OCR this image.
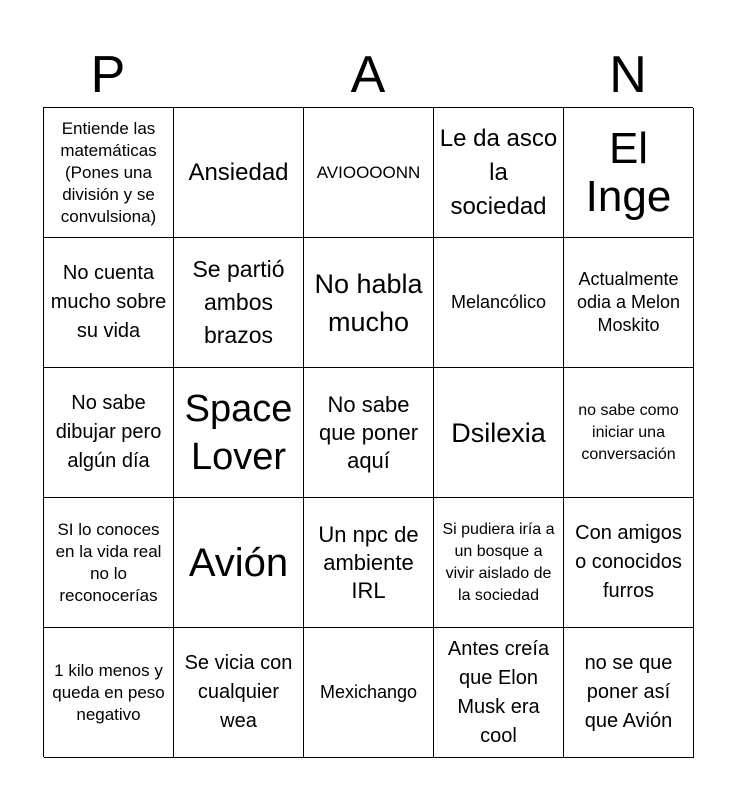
P	A	N
Entiende las matemáticas (Pones una división y se convulsiona)
Ansiedad AVIOOOONN
Le da asco la sociedad
El Inge
No cuenta mucho sobre su vida
Se partió ambos brazos
No habla mucho
Melancólico
Actualmente odia a Melon Moskito
No sabe dibujar pero algún día
Space Lover
No sabe que poner aquí
Dsilexia
no sabe como iniciar una conversación
SI lo conoces en la vida real no lo reconocerías
Avión
Un npc de ambiente IRL
Si pudiera iría a un bosque a vivir aislado de la sociedad
Con amigos o conocidos furros
1 kilo menos y queda en peso negativo
Se vicia con cualquier wea
Mexichango
Antes creía que Elon Musk era cool
no se que poner así que Avión
